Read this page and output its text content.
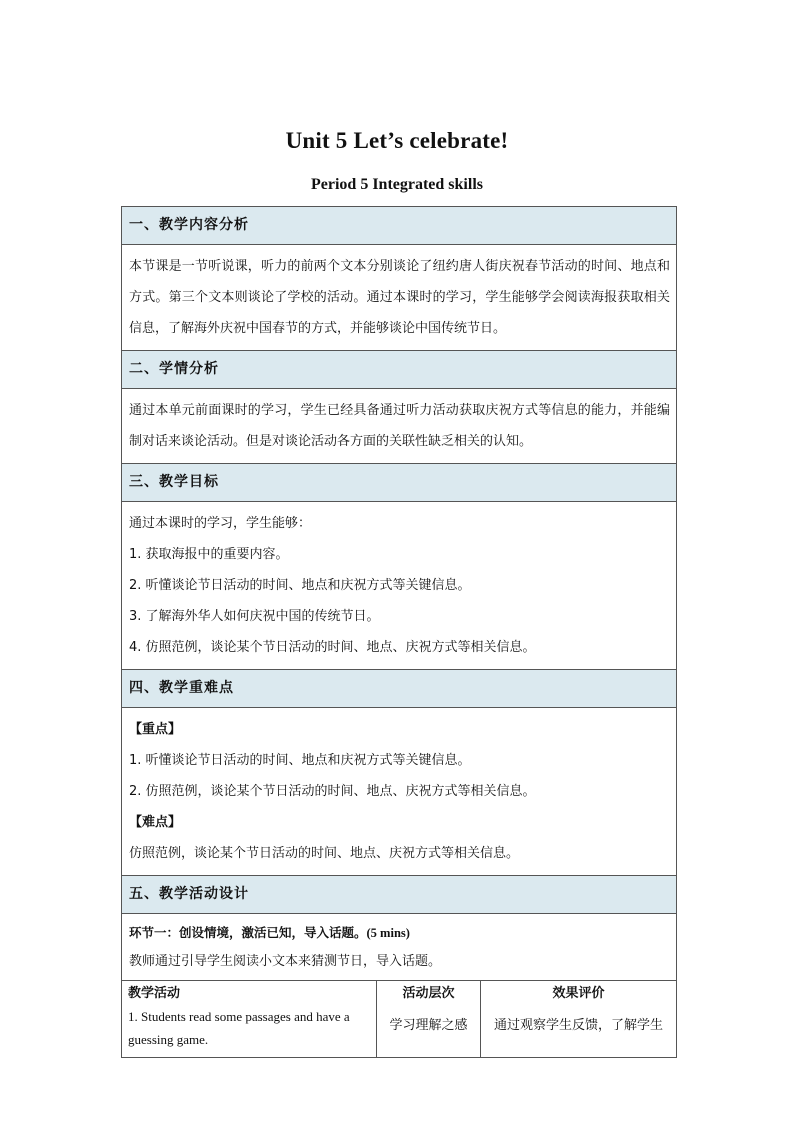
Unit 5 Let’s celebrate!
Period 5 Integrated skills
一、教学内容分析
本节课是一节听说课，听力的前两个文本分别谈论了纽约唐人街庆祝春节活动的时间、地点和方式。第三个文本则谈论了学校的活动。通过本课时的学习，学生能够学会阅读海报获取相关信息，了解海外庆祝中国春节的方式，并能够谈论中国传统节日。
二、学情分析
通过本单元前面课时的学习，学生已经具备通过听力活动获取庆祝方式等信息的能力，并能编制对话来谈论活动。但是对谈论活动各方面的关联性缺乏相关的认知。
三、教学目标
通过本课时的学习，学生能够：
1. 获取海报中的重要内容。
2. 听懂谈论节日活动的时间、地点和庆祝方式等关键信息。
3. 了解海外华人如何庆祝中国的传统节日。
4. 仿照范例，谈论某个节日活动的时间、地点、庆祝方式等相关信息。
四、教学重难点
【重点】
1. 听懂谈论节日活动的时间、地点和庆祝方式等关键信息。
2. 仿照范例，谈论某个节日活动的时间、地点、庆祝方式等相关信息。
【难点】
仿照范例，谈论某个节日活动的时间、地点、庆祝方式等相关信息。
五、教学活动设计
环节一：创设情境，激活已知，导入话题。(5 mins)
教师通过引导学生阅读小文本来猜测节日，导入话题。
教学活动
1. Students read some passages and have a guessing game.
活动层次
学习理解之感
效果评价
通过观察学生反馈，了解学生
